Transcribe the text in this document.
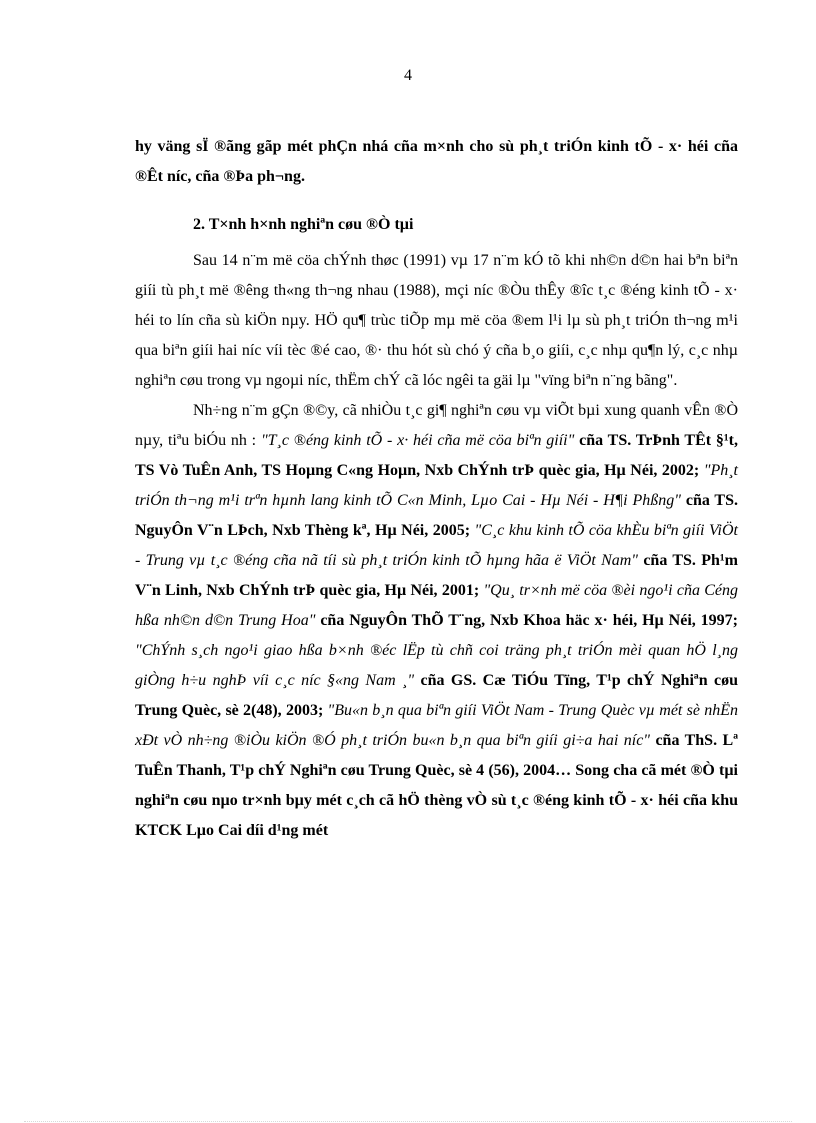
4

hy väng sÏ ®ãng gãp mét phÇn nhá cña m×nh cho sù ph¸t triÓn kinh tÕ - x· héi cña ®Êt níc, cña ®Þa ph¬ng.

2. T×nh h×nh nghiªn cøu ®Ò tµi

Sau 14 n¨m më cöa chÝnh thøc (1991) vµ 17 n¨m kÓ tõ khi nh©n d©n hai bªn biªn giíi tù ph¸t më ®êng th«ng th¬ng nhau (1988), mçi níc ®Òu thÊy ®îc t¸c ®éng kinh tÕ - x· héi to lín cña sù kiÖn nµy. HÖ qu¶ trùc tiÕp mµ më cöa ®em l¹i lµ sù ph¸t triÓn th¬ng m¹i qua biªn giíi hai níc víi tèc ®é cao, ®· thu hót sù chó ý cña b¸o giíi, c¸c nhµ qu¶n lý, c¸c nhµ nghiªn cøu trong vµ ngoµi níc, thËm chÝ cã lóc ngêi ta gäi lµ "vïng biªn n¨ng bãng".

Nh÷ng n¨m gÇn ®©y, cã nhiÒu t¸c gi¶ nghiªn cøu vµ viÕt bµi xung quanh vÊn ®Ò nµy, tiªu biÓu nh : "T¸c ®éng kinh tÕ - x· héi cña më cöa biªn giíi" cña TS. TrÞnh TÊt §¹t, TS Vò TuÊn Anh, TS Hoµng C«ng Hoµn, Nxb ChÝnh trÞ quèc gia, Hµ Néi, 2002; "Ph¸t triÓn th¬ng m¹i trªn hµnh lang kinh tÕ C«n Minh, Lµo Cai - Hµ Néi - H¶i Phßng" cña TS. NguyÔn V¨n LÞch, Nxb Thèng kª, Hµ Néi, 2005; "C¸c khu kinh tÕ cöa khÈu biªn giíi ViÖt - Trung vµ t¸c ®éng cña nã tíi sù ph¸t triÓn kinh tÕ hµng hãa ë ViÖt Nam" cña TS. Ph¹m V¨n Linh, Nxb ChÝnh trÞ quèc gia, Hµ Néi, 2001; "Qu¸ tr×nh më cöa ®èi ngo¹i cña Céng hßa nh©n d©n Trung Hoa" cña NguyÔn ThÕ T¨ng, Nxb Khoa häc x· héi, Hµ Néi, 1997; "ChÝnh s¸ch ngo¹i giao hßa b×nh ®éc lËp tù chñ coi träng ph¸t triÓn mèi quan hÖ l¸ng giÒng h÷u nghÞ víi c¸c níc §«ng Nam ¸" cña GS. Cæ TiÓu Tïng, T¹p chÝ Nghiªn cøu Trung Quèc, sè 2(48), 2003; "Bu«n b¸n qua biªn giíi ViÖt Nam - Trung Quèc vµ mét sè nhËn xÐt vÒ nh÷ng ®iÒu kiÖn ®Ó ph¸t triÓn bu«n b¸n qua biªn giíi gi÷a hai níc" cña ThS. Lª TuÊn Thanh, T¹p chÝ Nghiªn cøu Trung Quèc, sè 4 (56), 2004… Song cha cã mét ®Ò tµi nghiªn cøu nµo tr×nh bµy mét c¸ch cã hÖ thèng vÒ sù t¸c ®éng kinh tÕ - x· héi cña khu KTCK Lµo Cai díi d¹ng mét
